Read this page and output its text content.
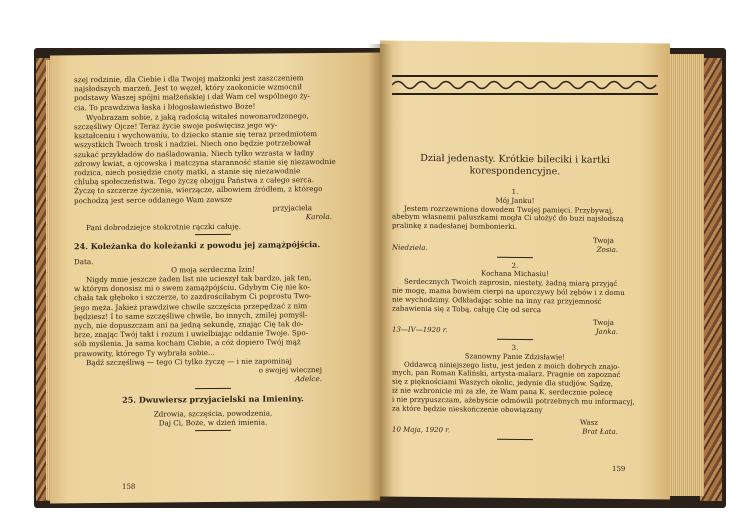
szej rodzinie, dla Ciebie i dla Twojej małżonki jest zaszczeniem

najsłodszych marzeń. Jest to węzeł, który zaokonicie wzmocnił

podstawy Waszej spójni małżeńskiej i dał Wam cel wspólnego ży-

cia. To prawdziwa łaska i błogosławieństwo Boże!

Wyobrażam sobie, z jaką radością witałeś nowonarodzonego,

szczęśliwy Ojcze! Teraz życie swoje poświęcisz jego wy-

kształceniu i wychowaniu, to dziecko stanie się teraz przedmiotem

wszystkich Twoich trosk i nadziei. Niech ono będzie potrzebował

szukać przykładów do naśladowania. Niech tylko wzrasta w ładny

zdrowy kwiat, a ojcowska i matczyna staranność stanie się niezawodnie

rodzica, niech posiędzie cnoty matki, a stanie się niezawodnie

chlubą społeczeństwa. Tego życzę obojgu Państwa z całego serca.

Życzę to szczerze życzenia, wierzącze, albowiem źródłem, z którego

pochodzą jest serce oddanego Wam zawsze

przyjaciela

Karola.

Pani dobrodziejce stokrotnie rączki całuję.

24. Koleżanka do koleżanki z powodu jej zamążpójścia.

Data.

O moja serdeczna Izin!

Nigdy mnie jeszcze żaden list nie ucieszył tak bardzo, jak ten,

w którym donosisz mi o swem zamążpójściu. Gdybym Cię nie ko-

chała tak głęboko i szczerze, to zazdrościłabym Ci poprostu Two-

jego męża. Jakież prawdziwe chwile szczęścia przepędzać z nim

będziesz! I to same szczęśliwe chwile, bo innych, zmilej pomyśl-

nych, nie dopuszczam ani na jedną sekundę, znając Cię tak do-

brze, znając Twój takt i rozum i uwielbiając oddanie Twoje. Spo-

sób myślenia. Ja sama kocham Ciebie, a cóż dopiero Twój mąż

prawowity, którego Ty wybrała sobie...

Bądź szczęśliwą — tego Ci tylko życzę — i nie zapominaj

o swojej wiecznej

Adelce.

25. Dwuwiersz przyjacielski na Imieniny.

Zdrowia, szczęścia, powodzenia,

Daj Ci, Boże, w dzień imienia.

158

Dział jedenasty. Krótkie bileciki i kartki korespondencyjne.

1.

Mój Janku!

Jestem rozrzewniona dowodem Twojej pamięci. Przybywaj,

abebym własnemi paluszkami mogła Ci ułożyć do buzi najsłodszą

pralinkę z nadesłanej bombonierki.

Twoja

Niedziela.	Zosia.

2.

Kochana Michasiu!

Serdecznych Twoich zaprosin, niestety, żadną miarą przyjąć

nie mogę, mama bowiem cierpi na uporczywy ból zębów i z domu

nie wychodzimy. Odkładając sobie na inny raz przyjemność

zabawienia się z Tobą, całuję Cię od serca

Twoja

13—IV—1920 r.	Janka.

3.

Szanowny Panie Zdzisławie!

Oddawcą niniejszego listu, jest jeden z moich dobrych znajo-

mych, pan Roman Kaliński, artysta-malarz. Pragnie on zapoznać

się z pięknościami Waszych okolic, jedynie dla studjów. Sądzę,

iż nie wzbronicie mi za złe, że Wam pana K. serdecznie polecę

i nie przypuszczam, ażebyście odmówili potrzebnych mu informacyj,

za które będzie nieskończenie obowiązany

Wasz

10 Maja, 1920 r.	Brat Łata.
159
